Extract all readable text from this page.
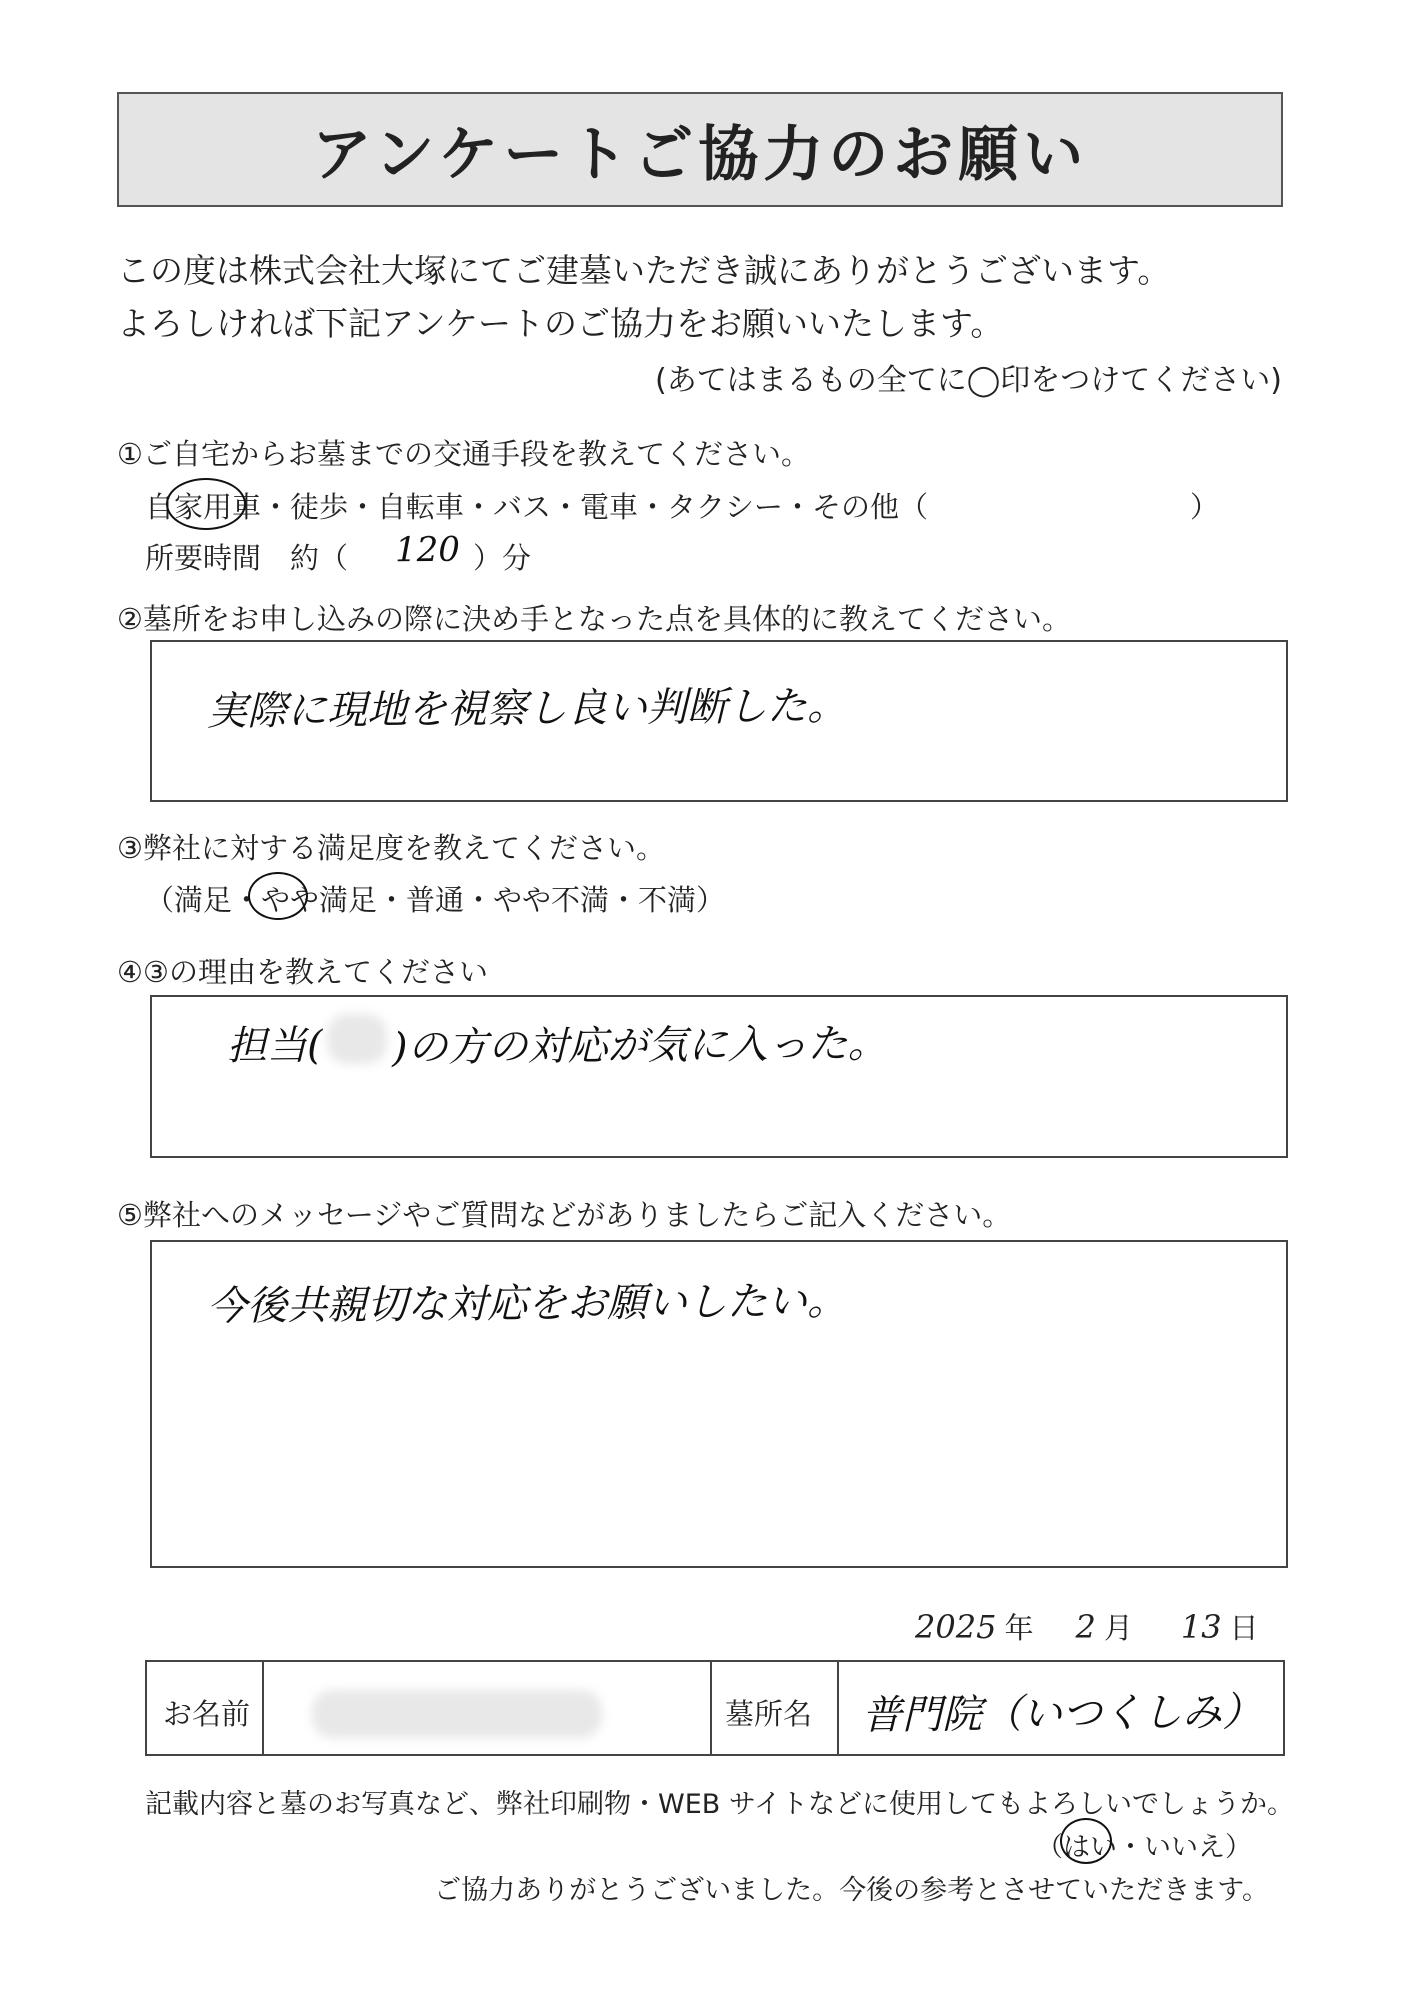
アンケートご協力のお願い
この度は株式会社大塚にてご建墓いただき誠にありがとうございます。
よろしければ下記アンケートのご協力をお願いいたします。
(あてはまるもの全てに◯印をつけてください)
①ご自宅からお墓までの交通手段を教えてください。
自家用車・徒歩・自転車・バス・電車・タクシー・その他（	）
所要時間　約（ 120 ）分
②墓所をお申し込みの際に決め手となった点を具体的に教えてください。
実際に現地を視察し良い判断した。
③弊社に対する満足度を教えてください。
（満足・やや満足・普通・やや不満・不満）
④③の理由を教えてください
担当( )の方の対応が気に入った。
⑤弊社へのメッセージやご質問などがありましたらご記入ください。
今後共親切な対応をお願いしたい。
2025 年 2 月 13 日
お名前	墓所名 普門院（いつくしみ）
記載内容と墓のお写真など、弊社印刷物・WEB サイトなどに使用してもよろしいでしょうか。
（はい・いいえ）
ご協力ありがとうございました。今後の参考とさせていただきます。
